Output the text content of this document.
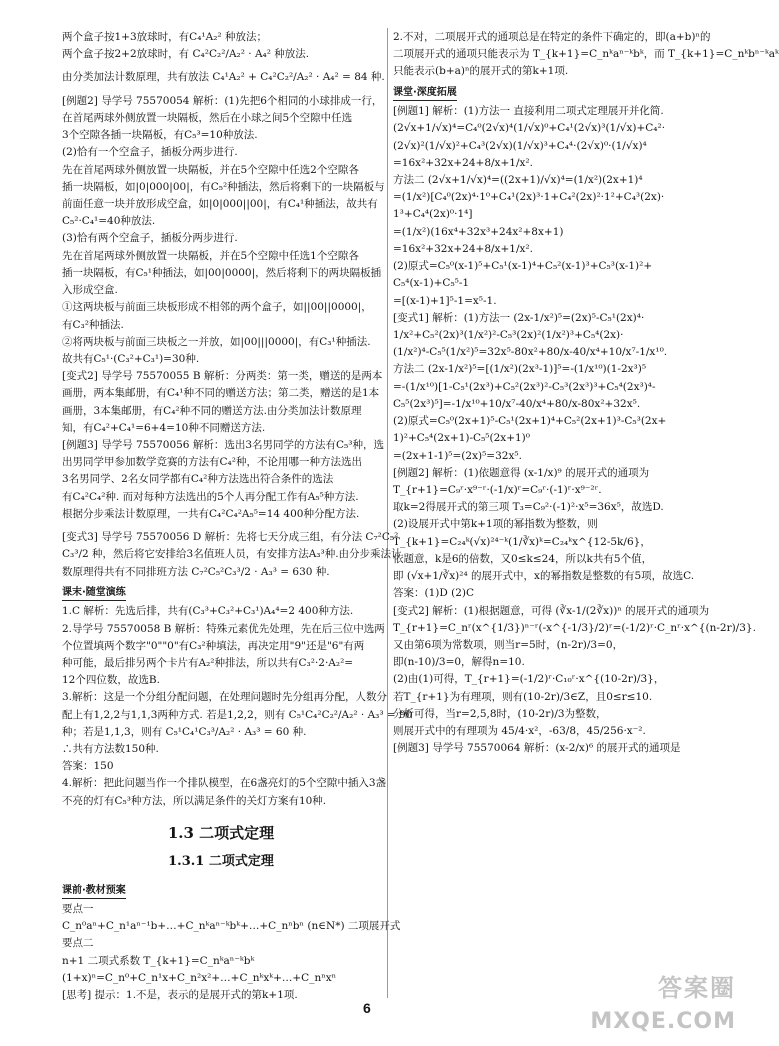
两个盒子按1+3放球时，有C₄¹A₂² 种放法；
两个盒子按2+2放球时，有 C₄²C₂²/A₂² · A₄² 种放法.
由分类加法计数原理，共有放法 C₄¹A₂² + C₄²C₂²/A₂² · A₄² = 84 种.
[例题2] 导学号 75570054 解析：(1)先把6个相同的小球排成一行，
在首尾两球外侧放置一块隔板，然后在小球之间5个空隙中任选
3个空隙各插一块隔板，有C₅³=10种放法.
(2)恰有一个空盒子，插板分两步进行.
先在首尾两球外侧放置一块隔板，并在5个空隙中任选2个空隙各
插一块隔板，如|0|000|00|，有C₅²种插法，然后将剩下的一块隔板与
前面任意一块并放形成空盒，如|0|000||00|，有C₄¹种插法，故共有
C₅²·C₄¹=40种放法.
(3)恰有两个空盒子，插板分两步进行.
先在首尾两球外侧放置一块隔板，并在5个空隙中任选1个空隙各
插一块隔板，有C₅¹种插法，如|00|0000|，然后将剩下的两块隔板插
入形成空盒.
①这两块板与前面三块板形成不相邻的两个盒子，如||00||0000|，
有C₃²种插法.
②将两块板与前面三块板之一并放，如|00|||0000|，有C₃¹种插法.
故共有C₅¹·(C₃²+C₃¹)=30种.
[变式2] 导学号 75570055 B 解析：分两类：第一类，赠送的是两本
画册，两本集邮册，有C₄¹种不同的赠送方法；第二类，赠送的是1本
画册，3本集邮册，有C₄²种不同的赠送方法.由分类加法计数原理
知，有C₄²+C₄¹=6+4=10种不同赠送方法.
[例题3] 导学号 75570056 解析：选出3名男同学的方法有C₅³种，选
出男同学甲参加数学竞赛的方法有C₄²种，不论用哪一种方法选出
3名男同学、2名女同学都有C₄²种方法选出符合条件的选法
有C₄²C₄²种. 而对每种方法选出的5个人再分配工作有A₅⁵种方法.
根据分步乘法计数原理，一共有C₄²C₄²A₅⁵=14 400种分配方法.
[变式3] 导学号 75570056 D 解析：先将七天分成三组，有分法 C₇²C₅²
C₃³/2 种，然后将它安排给3名值班人员，有安排方法A₃³种.由分步乘法计
数原理得共有不同排班方法 C₇²C₅²C₃³/2 · A₃³ = 630 种.
课末·随堂演练
1.C 解析：先选后排，共有(C₃³+C₃²+C₃¹)A₄⁴=2 400种方法.
2.导学号 75570058 B 解析：特殊元素优先处理，先在后三位中选两
个位置填两个数字"0""0"有C₃²种填法，再决定用"9"还是"6"有两
种可能，最后排另两个卡片有A₂²种排法，所以共有C₃²·2·A₂²=
12个四位数，故选B.
3.解析：这是一个分组分配问题，在处理问题时先分组再分配，人数分
配上有1,2,2与1,1,3两种方式. 若是1,2,2，则有 C₅¹C₄²C₂²/A₂² · A₃³ = 90
种；若是1,1,3，则有 C₅¹C₄¹C₃³/A₂² · A₃³ = 60 种.
∴共有方法数150种.
答案：150
4.解析：把此问题当作一个排队模型，在6盏亮灯的5个空隙中插入3盏
不亮的灯有C₅³种方法，所以满足条件的关灯方案有10种.
1.3 二项式定理
1.3.1 二项式定理
课前·教材预案
要点一
C_n⁰aⁿ+C_n¹aⁿ⁻¹b+…+C_nᵏaⁿ⁻ᵏbᵏ+…+C_nⁿbⁿ (n∈N*) 二项展开式
要点二
n+1 二项式系数 T_{k+1}=C_nᵏaⁿ⁻ᵏbᵏ
(1+x)ⁿ=C_n⁰+C_n¹x+C_n²x²+…+C_nᵏxᵏ+…+C_nⁿxⁿ
[思考] 提示：1.不是，表示的是展开式的第k+1项.
2.不对，二项展开式的通项总是在特定的条件下确定的，即(a+b)ⁿ的
二项展开式的通项只能表示为 T_{k+1}=C_nᵏaⁿ⁻ᵏbᵏ，而 T_{k+1}=C_nᵏbⁿ⁻ᵏaᵏ
只能表示(b+a)ⁿ的展开式的第k+1项.
课堂·深度拓展
[例题1] 解析：(1)方法一 直接利用二项式定理展开并化简.
(2√x+1/√x)⁴=C₄⁰(2√x)⁴(1/√x)⁰+C₄¹(2√x)³(1/√x)+C₄²·
(2√x)²(1/√x)²+C₄³(2√x)(1/√x)³+C₄⁴·(2√x)⁰·(1/√x)⁴
=16x²+32x+24+8/x+1/x².
方法二 (2√x+1/√x)⁴=((2x+1)/√x)⁴=(1/x²)(2x+1)⁴
=(1/x²)[C₄⁰(2x)⁴·1⁰+C₄¹(2x)³·1+C₄²(2x)²·1²+C₄³(2x)·
1³+C₄⁴(2x)⁰·1⁴]
=(1/x²)(16x⁴+32x³+24x²+8x+1)
=16x²+32x+24+8/x+1/x².
(2)原式=C₅⁰(x-1)⁵+C₅¹(x-1)⁴+C₅²(x-1)³+C₅³(x-1)²+
C₅⁴(x-1)+C₅⁵-1
=[(x-1)+1]⁵-1=x⁵-1.
[变式1] 解析：(1)方法一 (2x-1/x²)⁵=(2x)⁵-C₅¹(2x)⁴·
1/x²+C₅²(2x)³(1/x²)²-C₅³(2x)²(1/x²)³+C₅⁴(2x)·
(1/x²)⁴-C₅⁵(1/x²)⁵=32x⁵-80x²+80/x-40/x⁴+10/x⁷-1/x¹⁰.
方法二 (2x-1/x²)⁵=[(1/x²)(2x³-1)]⁵=-(1/x¹⁰)(1-2x³)⁵
=-(1/x¹⁰)[1-C₅¹(2x³)+C₅²(2x³)²-C₅³(2x³)³+C₅⁴(2x³)⁴-
C₅⁵(2x³)⁵]=-1/x¹⁰+10/x⁷-40/x⁴+80/x-80x²+32x⁵.
(2)原式=C₅⁰(2x+1)⁵-C₅¹(2x+1)⁴+C₅²(2x+1)³-C₅³(2x+
1)²+C₅⁴(2x+1)-C₅⁵(2x+1)⁰
=(2x+1-1)⁵=(2x)⁵=32x⁵.
[例题2] 解析：(1)依题意得 (x-1/x)⁹ 的展开式的通项为
T_{r+1}=C₉ʳ·x⁹⁻ʳ·(-1/x)ʳ=C₉ʳ·(-1)ʳ·x⁹⁻²ʳ.
取k=2得展开式的第三项 T₃=C₉²·(-1)²·x⁵=36x⁵，故选D.
(2)设展开式中第k+1项的幂指数为整数，则
T_{k+1}=C₂₄ᵏ(√x)²⁴⁻ᵏ(1/∛x)ᵏ=C₂₄ᵏx^{12-5k/6}，
依题意，k是6的倍数，又0≤k≤24，所以k共有5个值，
即 (√x+1/∛x)²⁴ 的展开式中，x的幂指数是整数的有5项，故选C.
答案：(1)D (2)C
[变式2] 解析：(1)根据题意，可得 (∛x-1/(2∛x))ⁿ 的展开式的通项为
T_{r+1}=C_nʳ(x^{1/3})ⁿ⁻ʳ(-x^{-1/3}/2)ʳ=(-1/2)ʳ·C_nʳ·x^{(n-2r)/3}.
又由第6项为常数项，则当r=5时，(n-2r)/3=0，
即(n-10)/3=0，解得n=10.
(2)由(1)可得，T_{r+1}=(-1/2)ʳ·C₁₀ʳ·x^{(10-2r)/3}，
若T_{r+1}为有理项，则有(10-2r)/3∈Z，且0≤r≤10.
分析可得，当r=2,5,8时，(10-2r)/3为整数，
则展开式中的有理项为 45/4·x²，-63/8，45/256·x⁻².
[例题3] 导学号 75570064 解析：(x-2/x)⁶ 的展开式的通项是
6
答案圈
MXQE.COM
